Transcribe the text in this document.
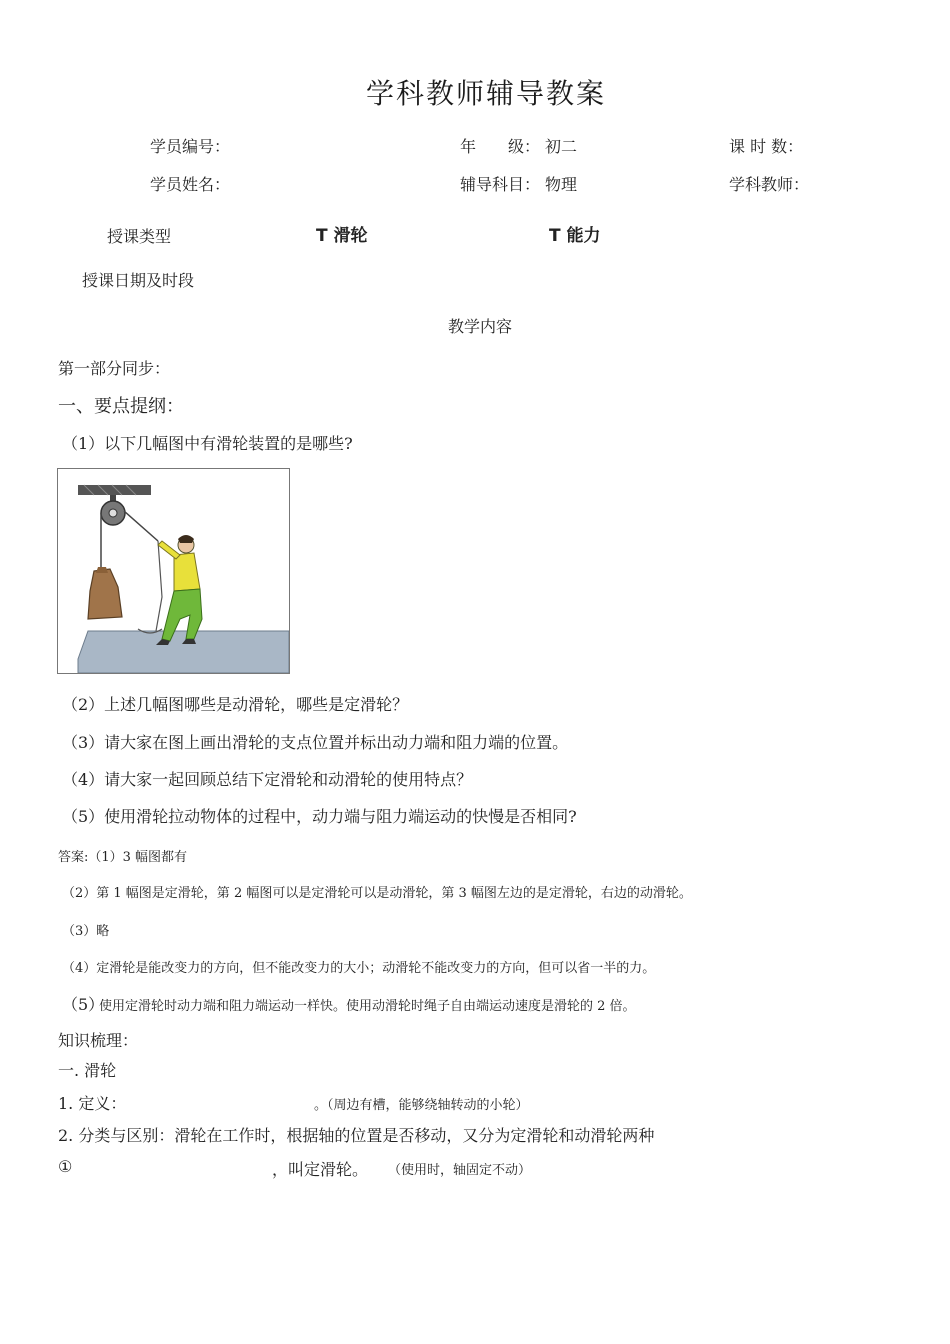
学科教师辅导教案
学员编号：	年　　级： 初二	课 时 数：
学员姓名：	辅导科目： 物理	学科教师：
授课类型	T 滑轮	T 能力
授课日期及时段
教学内容
第一部分同步：
一、要点提纲：
（1）以下几幅图中有滑轮装置的是哪些?
（2）上述几幅图哪些是动滑轮，哪些是定滑轮？
（3）请大家在图上画出滑轮的支点位置并标出动力端和阻力端的位置。
（4）请大家一起回顾总结下定滑轮和动滑轮的使用特点？
（5）使用滑轮拉动物体的过程中，动力端与阻力端运动的快慢是否相同?
答案:（1）3 幅图都有
（2）第 1 幅图是定滑轮，第 2 幅图可以是定滑轮可以是动滑轮，第 3 幅图左边的是定滑轮，右边的动滑轮。
（3）略
（4）定滑轮是能改变力的方向，但不能改变力的大小；动滑轮不能改变力的方向，但可以省一半的力。
（5）
使用定滑轮时动力端和阻力端运动一样快。使用动滑轮时绳子自由端运动速度是滑轮的 2 倍。
知识梳理：
一. 滑轮
1. 定义：	。（周边有槽，能够绕轴转动的小轮）
2. 分类与区别：滑轮在工作时，根据轴的位置是否移动，又分为定滑轮和动滑轮两种
①	，叫定滑轮。 （使用时，轴固定不动）
